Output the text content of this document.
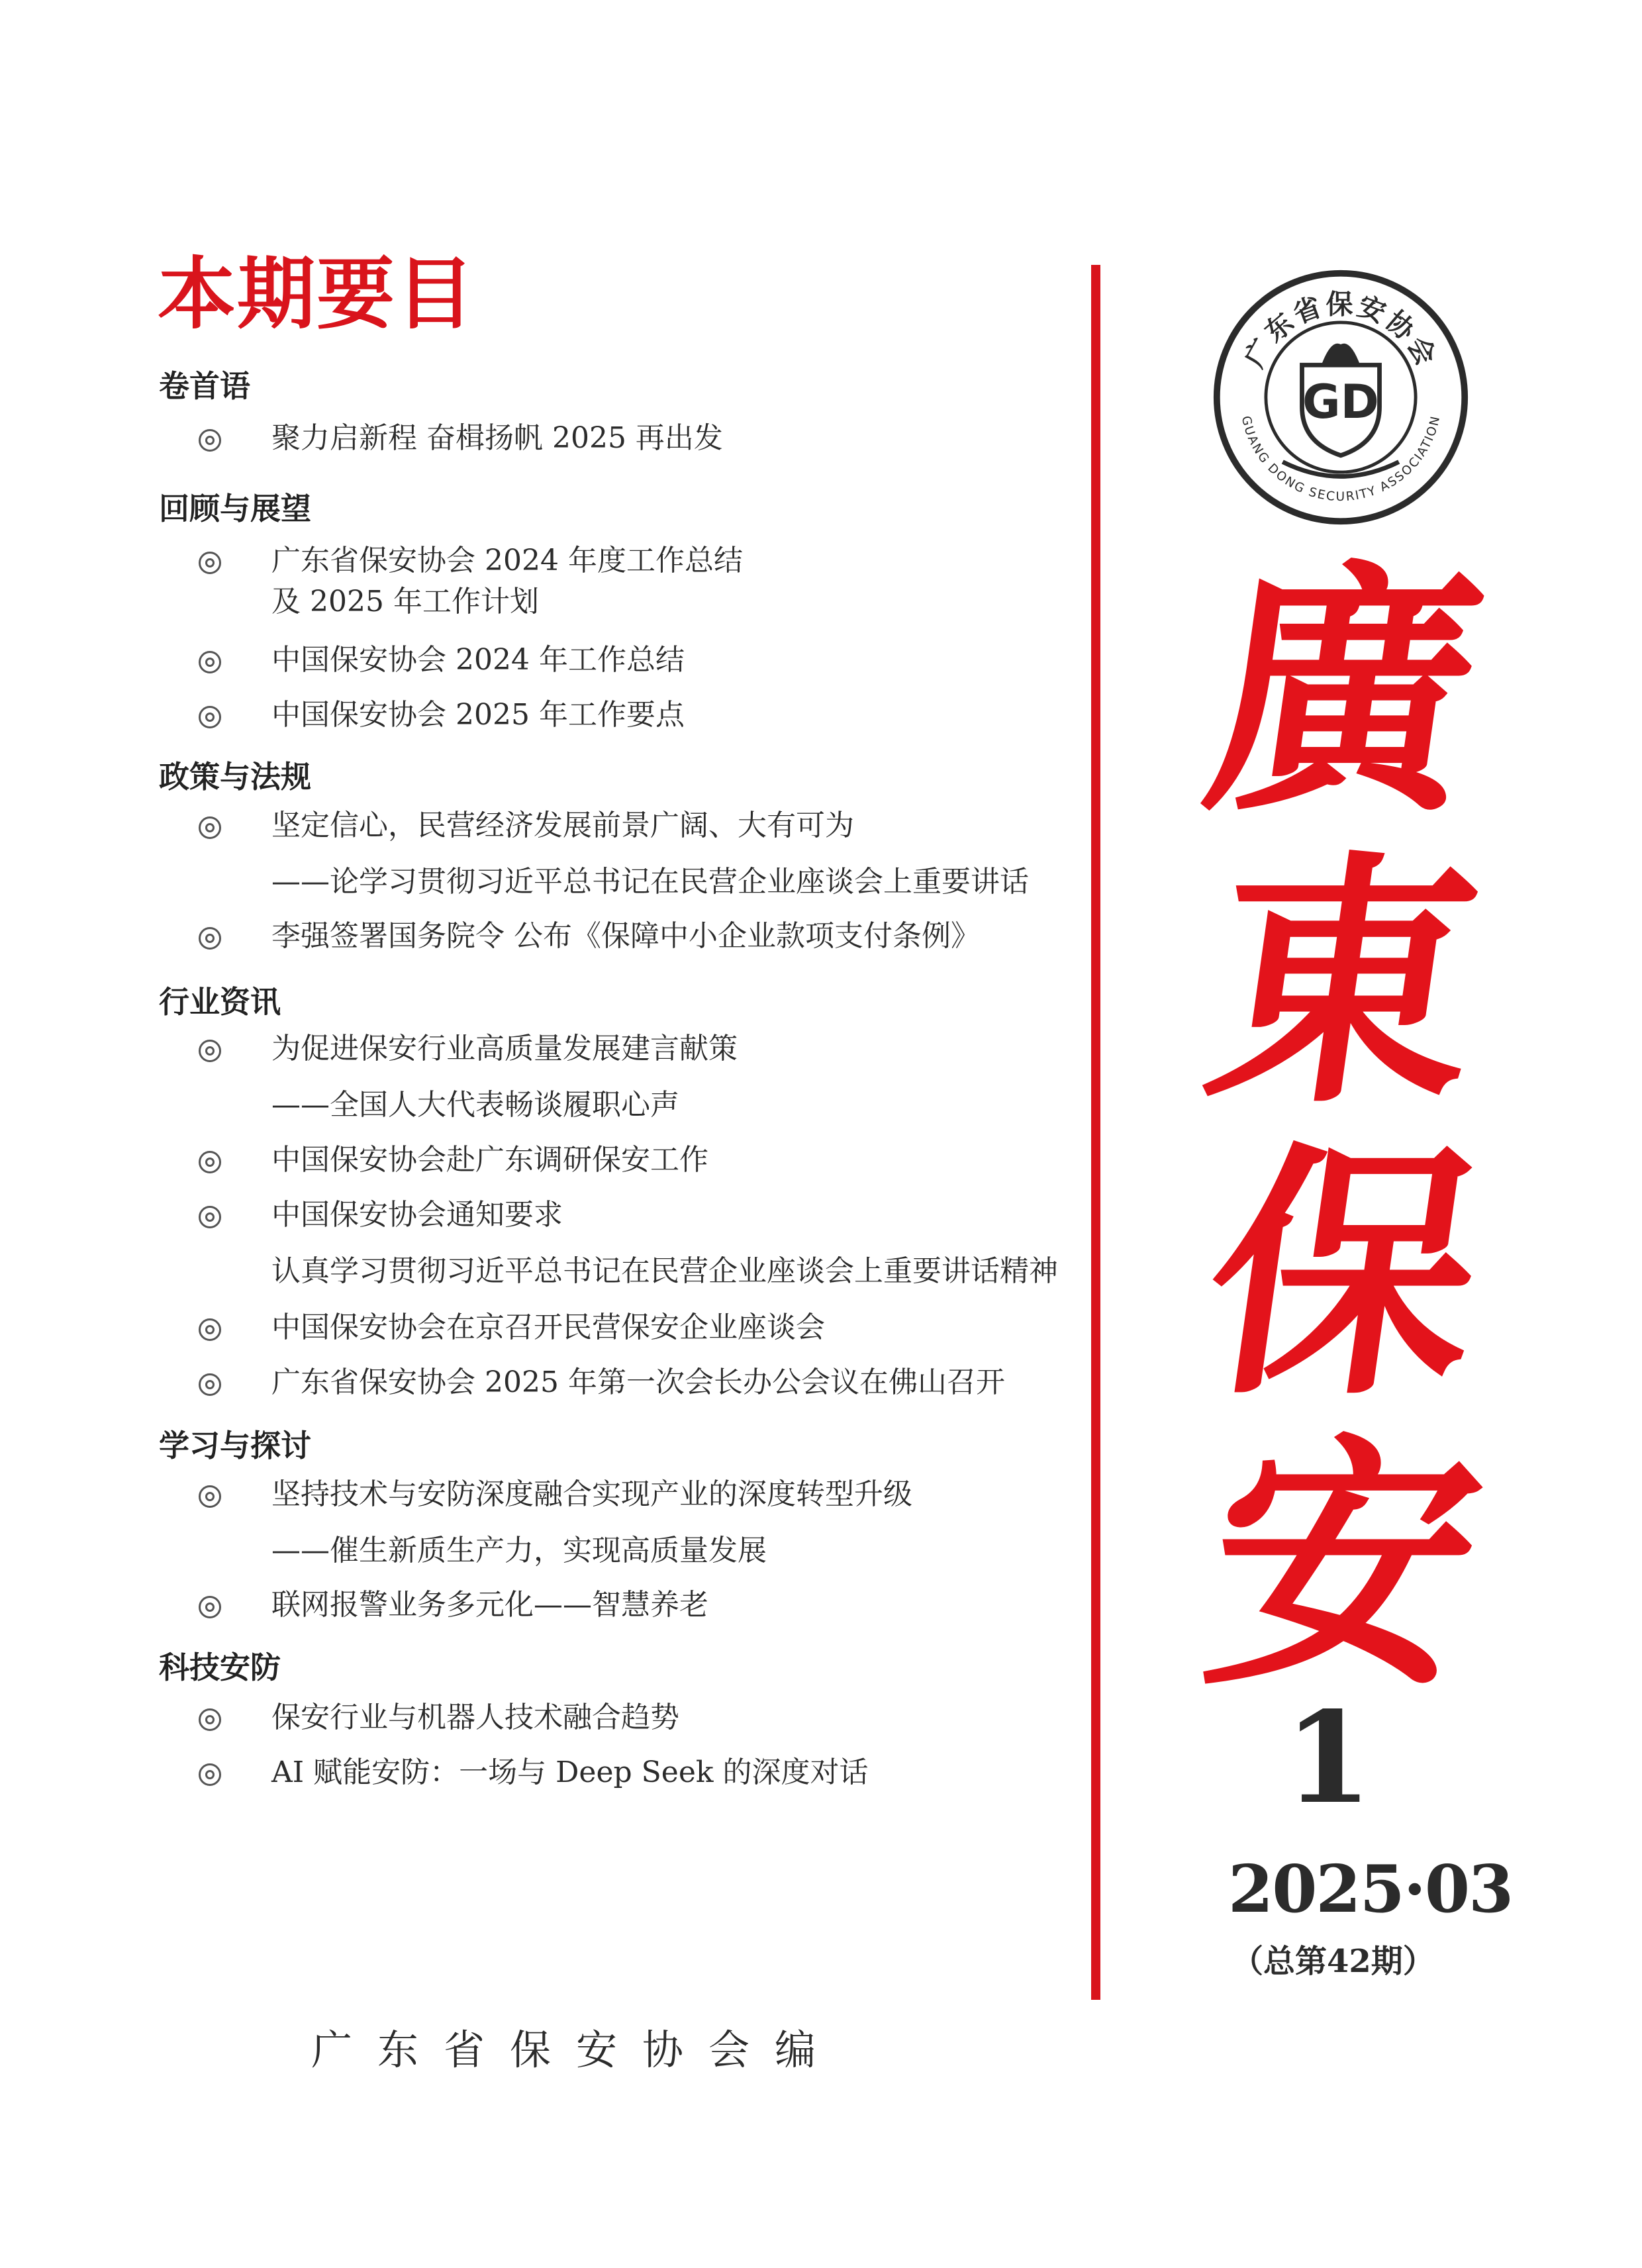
本期要目
卷首语
聚力启新程 奋楫扬帆 2025 再出发
回顾与展望
广东省保安协会 2024 年度工作总结
及 2025 年工作计划
中国保安协会 2024 年工作总结
中国保安协会 2025 年工作要点
政策与法规
坚定信心，民营经济发展前景广阔、大有可为
——论学习贯彻习近平总书记在民营企业座谈会上重要讲话
李强签署国务院令 公布《保障中小企业款项支付条例》
行业资讯
为促进保安行业高质量发展建言献策
——全国人大代表畅谈履职心声
中国保安协会赴广东调研保安工作
中国保安协会通知要求
认真学习贯彻习近平总书记在民营企业座谈会上重要讲话精神
中国保安协会在京召开民营保安企业座谈会
广东省保安协会 2025 年第一次会长办公会议在佛山召开
学习与探讨
坚持技术与安防深度融合实现产业的深度转型升级
——催生新质生产力，实现高质量发展
联网报警业务多元化——智慧养老
科技安防
保安行业与机器人技术融合趋势
AI 赋能安防：一场与 Deep Seek 的深度对话
广东省保安协会
GUANG DONG SECURITY ASSOCIATION
GD
廣
東
保
安

1

2025·03

（总第42期）

广东省保安协会编
